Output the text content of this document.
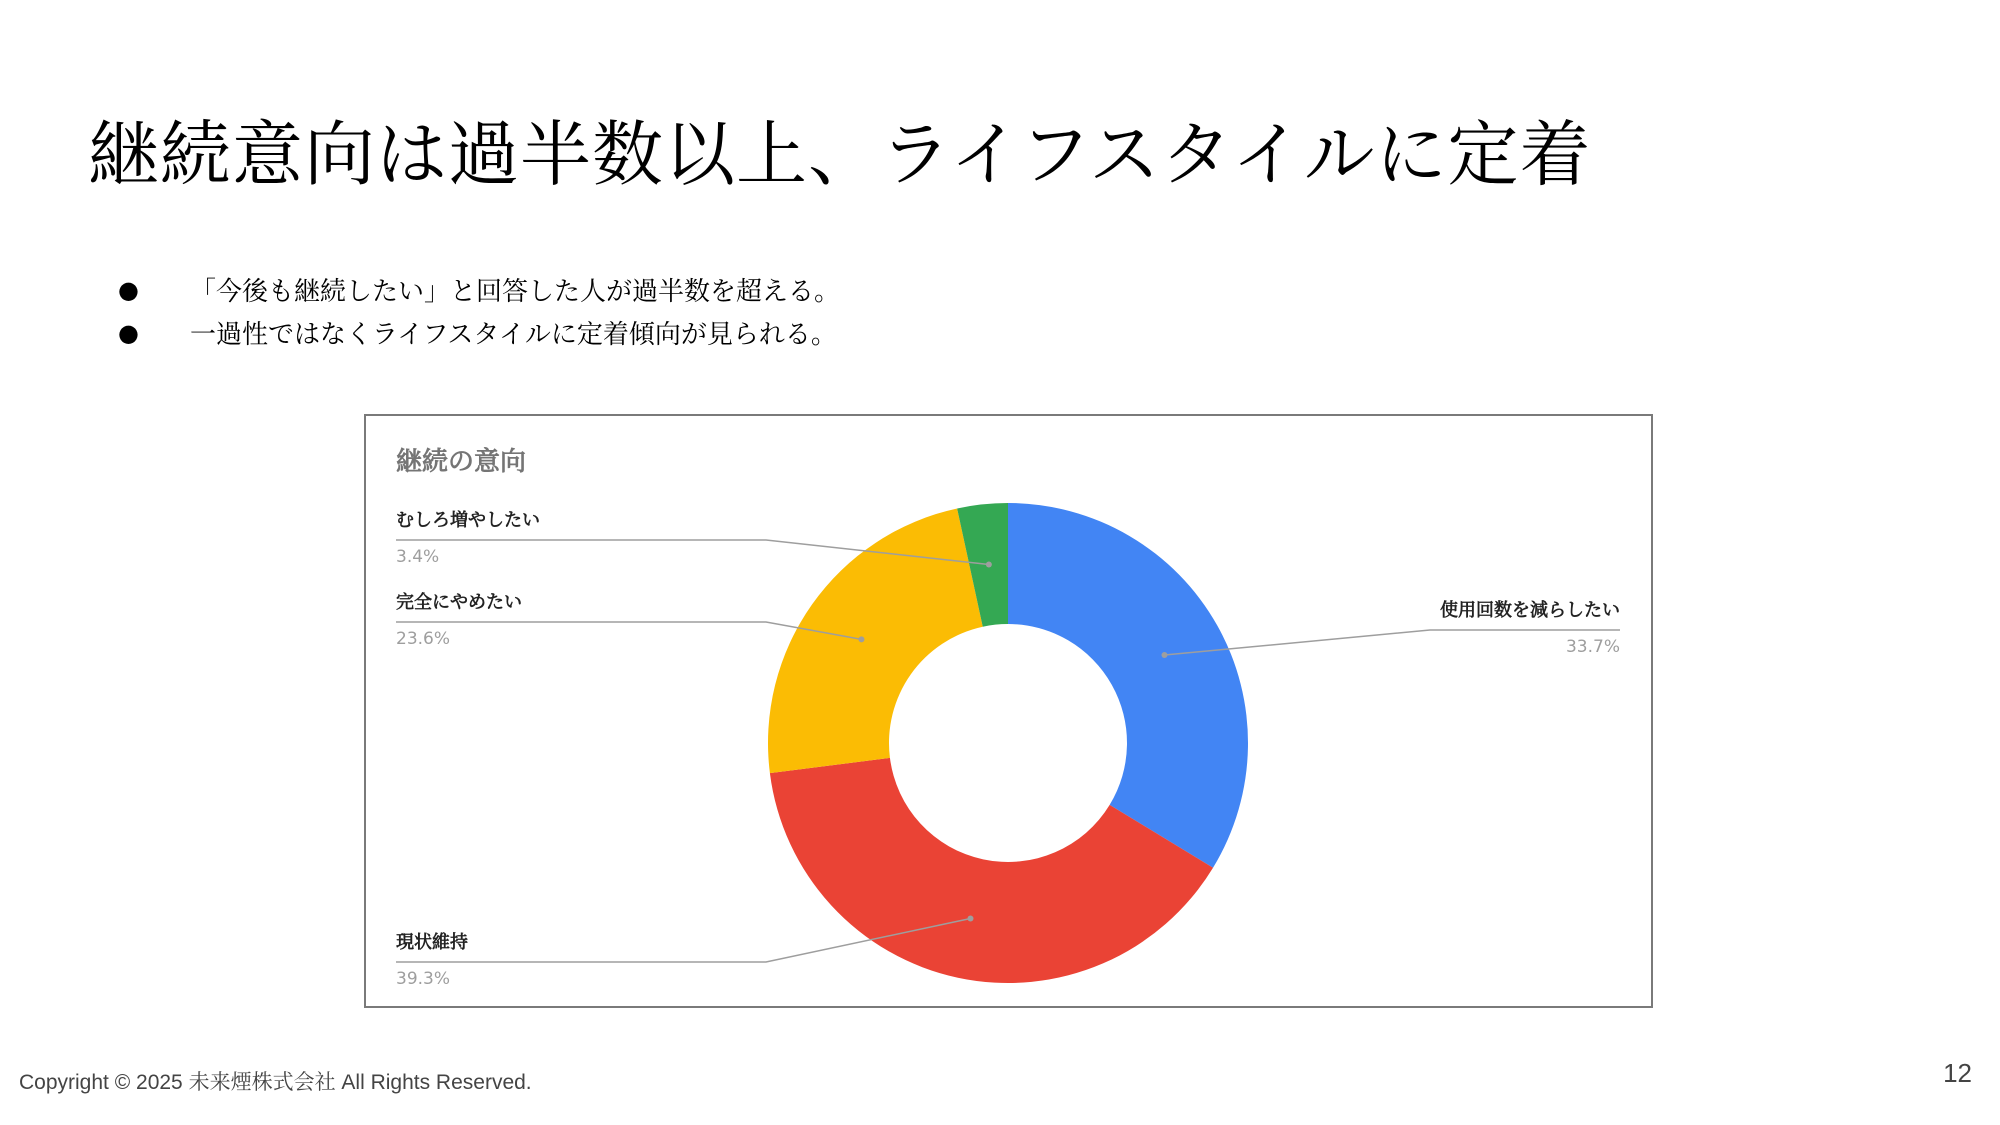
継続意向は過半数以上、ライフスタイルに定着
●	「今後も継続したい」と回答した人が過半数を超える。
●	一過性ではなくライフスタイルに定着傾向が見られる。
継続の意向
使用回数を減らしたい
33.7%
現状維持
39.3%
完全にやめたい
23.6%
むしろ増やしたい
3.4%
Copyright © 2025 未来煙株式会社 All Rights Reserved.	12
